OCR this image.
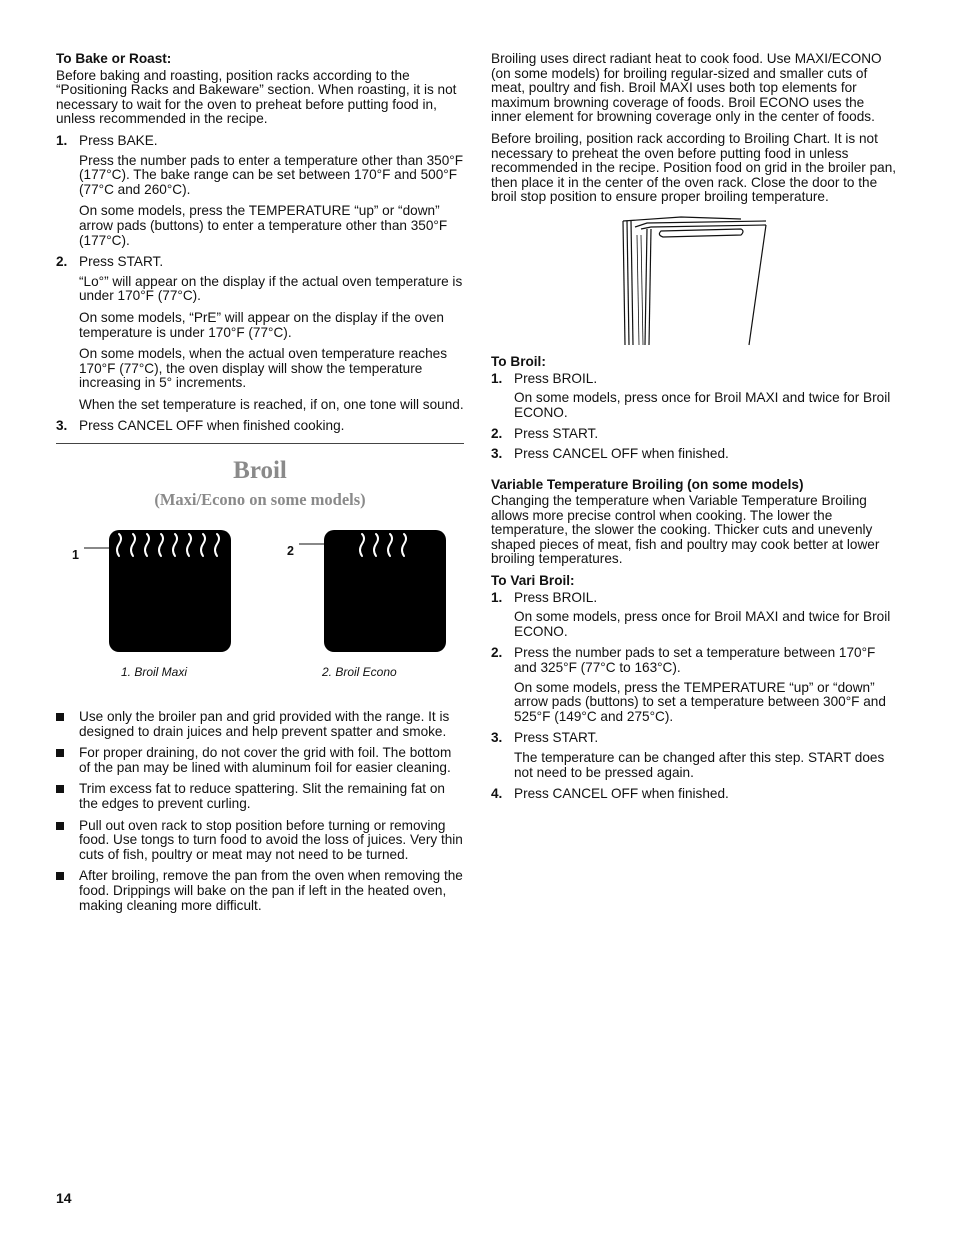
To Bake or Roast:

Before baking and roasting, position racks according to the “Positioning Racks and Bakeware” section. When roasting, it is not necessary to wait for the oven to preheat before putting food in, unless recommended in the recipe.

1. Press BAKE.

Press the number pads to enter a temperature other than 350°F (177°C). The bake range can be set between 170°F and 500°F (77°C and 260°C).

On some models, press the TEMPERATURE “up” or “down” arrow pads (buttons) to enter a temperature other than 350°F (177°C).

2. Press START.

“Lo°” will appear on the display if the actual oven temperature is under 170°F (77°C).

On some models, “PrE” will appear on the display if the oven temperature is under 170°F (77°C).

On some models, when the actual oven temperature reaches 170°F (77°C), the oven display will show the temperature increasing in 5° increments.

When the set temperature is reached, if on, one tone will sound.

3. Press CANCEL OFF when finished cooking.
Broil
(Maxi/Econo on some models)
1	2
1. Broil Maxi	2. Broil Econo
Use only the broiler pan and grid provided with the range. It is designed to drain juices and help prevent spatter and smoke.
For proper draining, do not cover the grid with foil. The bottom of the pan may be lined with aluminum foil for easier cleaning.
Trim excess fat to reduce spattering. Slit the remaining fat on the edges to prevent curling.
Pull out oven rack to stop position before turning or removing food. Use tongs to turn food to avoid the loss of juices. Very thin cuts of fish, poultry or meat may not need to be turned.
After broiling, remove the pan from the oven when removing the food. Drippings will bake on the pan if left in the heated oven, making cleaning more difficult.

Broiling uses direct radiant heat to cook food. Use MAXI/ECONO (on some models) for broiling regular-sized and smaller cuts of meat, poultry and fish. Broil MAXI uses both top elements for maximum browning coverage of foods. Broil ECONO uses the inner element for browning coverage only in the center of foods.

Before broiling, position rack according to Broiling Chart. It is not necessary to preheat the oven before putting food in unless recommended in the recipe. Position food on grid in the broiler pan, then place it in the center of the oven rack. Close the door to the broil stop position to ensure proper broiling temperature.

To Broil:
1. Press BROIL.

On some models, press once for Broil MAXI and twice for Broil ECONO.

2. Press START.
3. Press CANCEL OFF when finished.
Variable Temperature Broiling (on some models)

Changing the temperature when Variable Temperature Broiling allows more precise control when cooking. The lower the temperature, the slower the cooking. Thicker cuts and unevenly shaped pieces of meat, fish and poultry may cook better at lower broiling temperatures.

To Vari Broil:
1. Press BROIL.

On some models, press once for Broil MAXI and twice for Broil ECONO.

2. Press the number pads to set a temperature between 170°F and 325°F (77°C to 163°C).

On some models, press the TEMPERATURE “up” or “down” arrow pads (buttons) to set a temperature between 300°F and 525°F (149°C and 275°C).

3. Press START.

The temperature can be changed after this step. START does not need to be pressed again.

4. Press CANCEL OFF when finished.
14
